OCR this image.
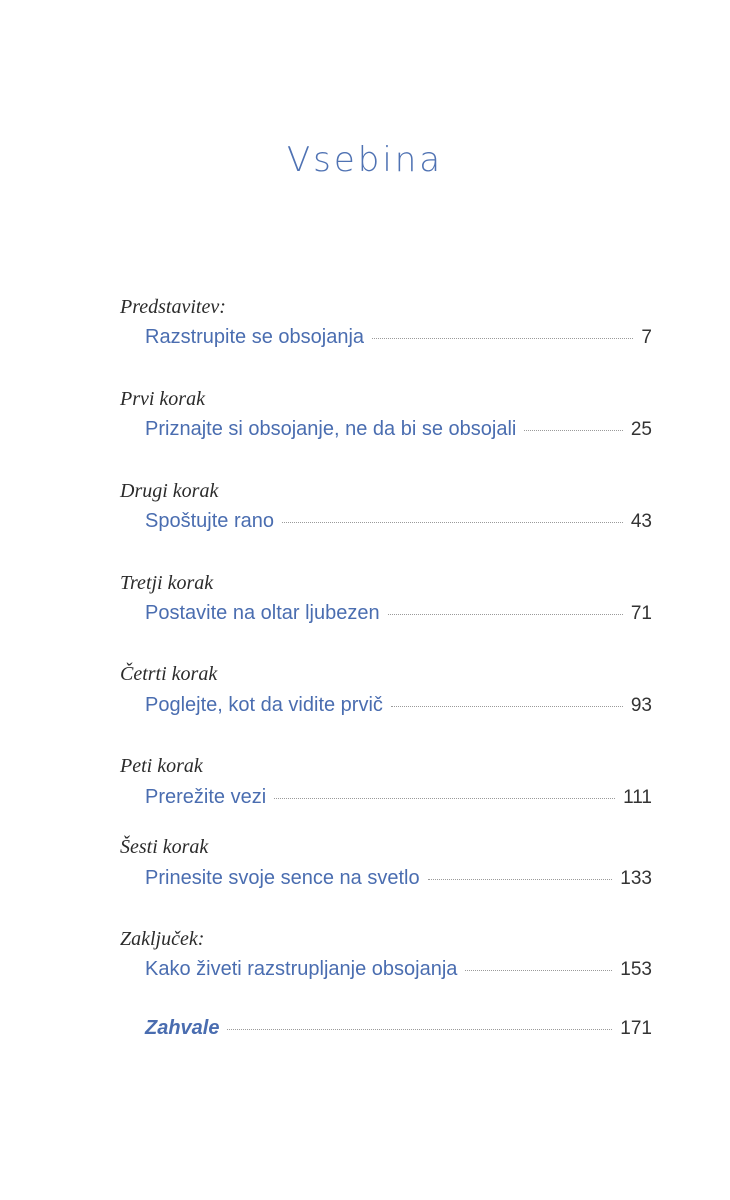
Vsebina
Predstavitev:
Razstrupite se obsojanja	7
Prvi korak
Priznajte si obsojanje, ne da bi se obsojali	25
Drugi korak
Spoštujte rano	43
Tretji korak
Postavite na oltar ljubezen	71
Četrti korak
Poglejte, kot da vidite prvič	93
Peti korak
Prerežite vezi	111
Šesti korak
Prinesite svoje sence na svetlo	133
Zaključek:
Kako živeti razstrupljanje obsojanja	153
Zahvale	171
